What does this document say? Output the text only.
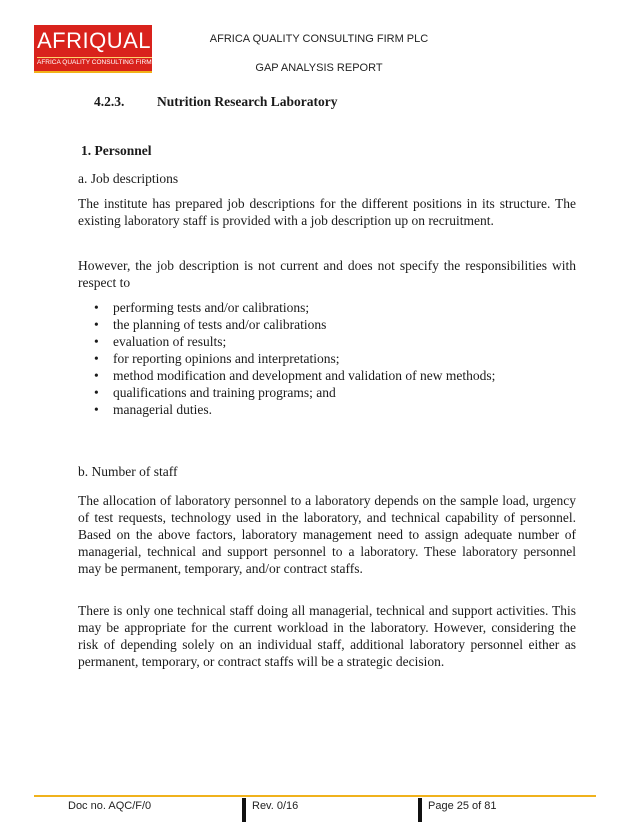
AFRIQUAL
AFRICA QUALITY CONSULTING FIRM PLC
AFRICA QUALITY CONSULTING FIRM PLC
GAP ANALYSIS REPORT
4.2.3. Nutrition Research Laboratory
1. Personnel
a. Job descriptions
The institute has prepared job descriptions for the different positions in its structure. The existing laboratory staff is provided with a job description up on recruitment.
However, the job description is not current and does not specify the responsibilities with respect to
• performing tests and/or calibrations;
• the planning of tests and/or calibrations
• evaluation of results;
• for reporting opinions and interpretations;
• method modification and development and validation of new methods;
• qualifications and training programs; and
• managerial duties.
b. Number of staff
The allocation of laboratory personnel to a laboratory depends on the sample load, urgency of test requests, technology used in the laboratory, and technical capability of personnel. Based on the above factors, laboratory management need to assign adequate number of managerial, technical and support personnel to a laboratory. These laboratory personnel may be permanent, temporary, and/or contract staffs.
There is only one technical staff doing all managerial, technical and support activities. This may be appropriate for the current workload in the laboratory. However, considering the risk of depending solely on an individual staff, additional laboratory personnel either as permanent, temporary, or contract staffs will be a strategic decision.
Doc no. AQC/F/0	Rev. 0/16	Page 25 of 81
